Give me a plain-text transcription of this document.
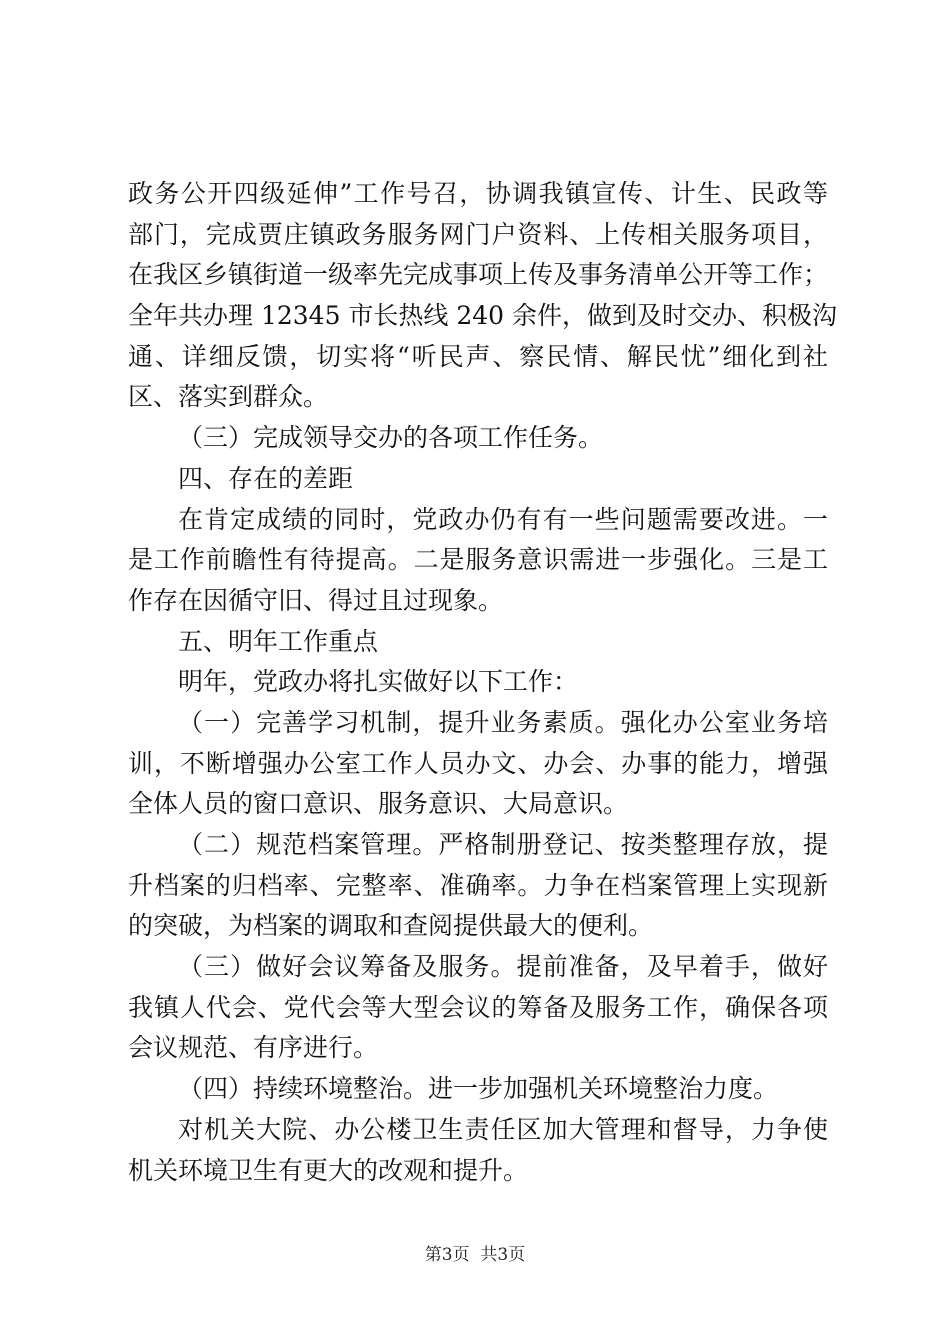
政务公开四级延伸”工作号召，协调我镇宣传、计生、民政等
部门，完成贾庄镇政务服务网门户资料、上传相关服务项目，
在我区乡镇街道一级率先完成事项上传及事务清单公开等工作；
全年共办理 12345 市长热线 240 余件，做到及时交办、积极沟
通、详细反馈，切实将“听民声、察民情、解民忧”细化到社
区、落实到群众。
（三）完成领导交办的各项工作任务。
四、存在的差距
在肯定成绩的同时，党政办仍有有一些问题需要改进。一
是工作前瞻性有待提高。二是服务意识需进一步强化。三是工
作存在因循守旧、得过且过现象。
五、明年工作重点
明年，党政办将扎实做好以下工作：
（一）完善学习机制，提升业务素质。强化办公室业务培
训，不断增强办公室工作人员办文、办会、办事的能力，增强
全体人员的窗口意识、服务意识、大局意识。
（二）规范档案管理。严格制册登记、按类整理存放，提
升档案的归档率、完整率、准确率。力争在档案管理上实现新
的突破，为档案的调取和查阅提供最大的便利。
（三）做好会议筹备及服务。提前准备，及早着手，做好
我镇人代会、党代会等大型会议的筹备及服务工作，确保各项
会议规范、有序进行。
（四）持续环境整治。进一步加强机关环境整治力度。
对机关大院、办公楼卫生责任区加大管理和督导，力争使
机关环境卫生有更大的改观和提升。
第3页  共3页
